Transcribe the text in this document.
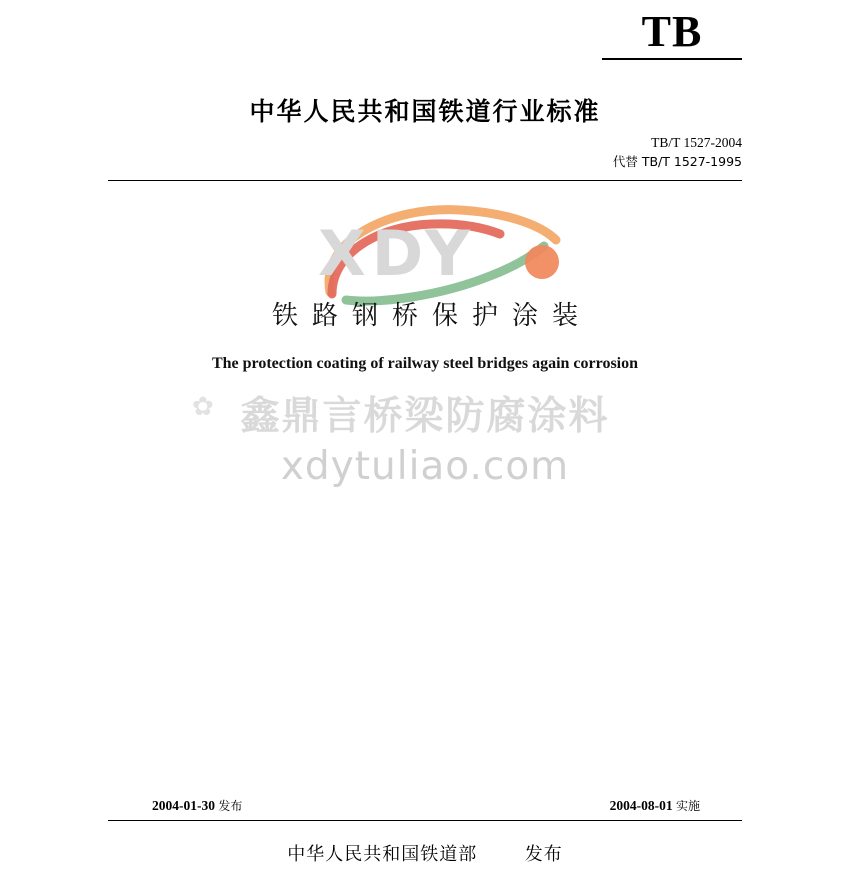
TB
中华人民共和国铁道行业标准
TB/T 1527-2004
代替 TB/T 1527-1995
XDY
铁路钢桥保护涂装
The protection coating of railway steel bridges again corrosion
✿ 鑫鼎言桥梁防腐涂料
xdytuliao.com
2004-01-30 发布	2004-08-01 实施
中华人民共和国铁道部	发布
